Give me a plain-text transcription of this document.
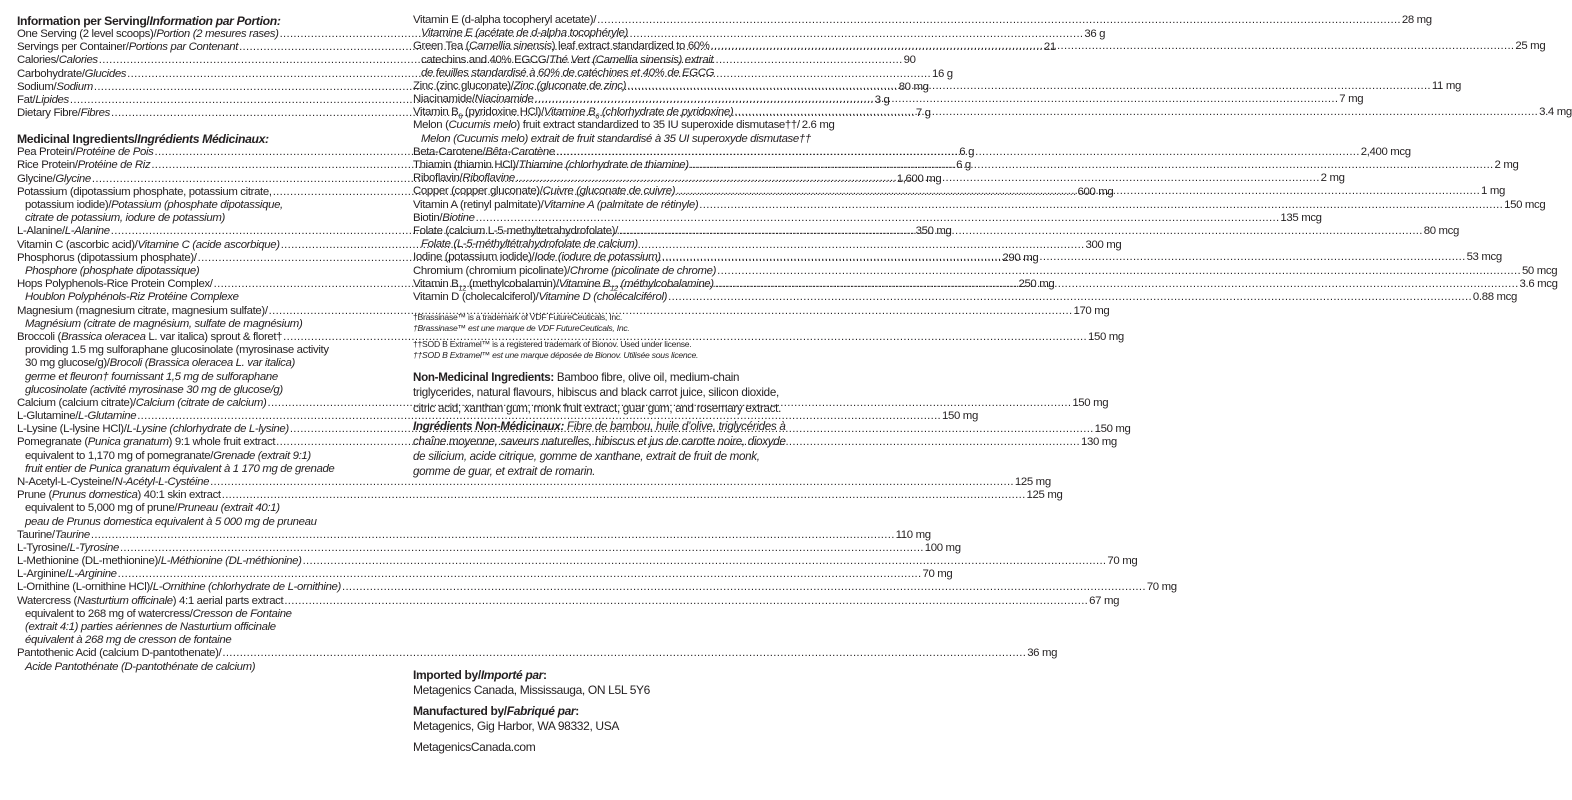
Information per Serving/Information par Portion:

One Serving (2 level scoops)/Portion (2 mesures rases) .....	36 g
Servings per Container/Portions par Contenant .....	21
Calories/Calories .....	90
Carbohydrate/Glucides .....	16 g
Sodium/Sodium .....	80 mg
Fat/Lipides .....	3 g
Dietary Fibre/Fibres .....	7 g

Medicinal Ingredients/Ingrédients Médicinaux:

Pea Protein/Protéine de Pois .....	6 g
Rice Protein/Protéine de Riz .....	6 g
Glycine/Glycine .....	1,600 mg
Potassium (dipotassium phosphate, potassium citrate, .....	600 mg
potassium iodide)/Potassium (phosphate dipotassique,
citrate de potassium, iodure de potassium)
L-Alanine/L-Alanine .....	350 mg
Vitamin C (ascorbic acid)/Vitamine C (acide ascorbique) .....	300 mg
Phosphorus (dipotassium phosphate)/ .....	290 mg
Phosphore (phosphate dipotassique)
Hops Polyphenols-Rice Protein Complex/ .....	250 mg
Houblon Polyphénols-Riz Protéine Complexe
Magnesium (magnesium citrate, magnesium sulfate)/ .....	170 mg
Magnésium (citrate de magnésium, sulfate de magnésium)
Broccoli (Brassica oleracea L. var italica) sprout & floret† .....	150 mg
providing 1.5 mg sulforaphane glucosinolate (myrosinase activity
30 mg glucose/g)/Brocoli (Brassica oleracea L. var italica)
germe et fleuron† fournissant 1,5 mg de sulforaphane
glucosinolate (activité myrosinase 30 mg de glucose/g)
Calcium (calcium citrate)/Calcium (citrate de calcium) .....	150 mg
L-Glutamine/L-Glutamine .....	150 mg
L-Lysine (L-lysine HCl)/L-Lysine (chlorhydrate de L-lysine) .....	150 mg
Pomegranate (Punica granatum) 9:1 whole fruit extract .....	130 mg
equivalent to 1,170 mg of pomegranate/Grenade (extrait 9:1)
fruit entier de Punica granatum équivalent à 1 170 mg de grenade
N-Acetyl-L-Cysteine/N-Acétyl-L-Cystéine .....	125 mg
Prune (Prunus domestica) 40:1 skin extract .....	125 mg
equivalent to 5,000 mg of prune/Pruneau (extrait 40:1)
peau de Prunus domestica equivalent à 5 000 mg de pruneau
Taurine/Taurine .....	110 mg
L-Tyrosine/L-Tyrosine .....	100 mg
L-Methionine (DL-methionine)/L-Méthionine (DL-méthionine) .....	70 mg
L-Arginine/L-Arginine .....	70 mg
L-Ornithine (L-ornithine HCl)/L-Ornithine (chlorhydrate de L-ornithine) .....	70 mg
Watercress (Nasturtium officinale) 4:1 aerial parts extract .....	67 mg
equivalent to 268 mg of watercress/Cresson de Fontaine
(extrait 4:1) parties aériennes de Nasturtium officinale
équivalent à 268 mg de cresson de fontaine
Pantothenic Acid (calcium D-pantothenate)/ .....	36 mg
Acide Pantothénate (D-pantothénate de calcium)
Vitamin E (d-alpha tocopheryl acetate)/ .....	28 mg
Vitamine E (acétate de d-alpha tocophéryle)
Green Tea (Camellia sinensis) leaf extract standardized to 60% .....	25 mg
catechins and 40% EGCG/Thé Vert (Camellia sinensis) extrait
de feuilles standardisé à 60% de catéchines et 40% de EGCG
Zinc (zinc gluconate)/Zinc (gluconate de zinc) .....	11 mg
Niacinamide/Niacinamide .....	7 mg
Vitamin $B_6$ (pyridoxine HCl)/Vitamine $B_6$ (chlorhydrate de pyridoxine) .....	3.4 mg
Melon (Cucumis melo) fruit extract standardized to 35 IU superoxide dismutase††/ 2.6 mg
Melon (Cucumis melo) extrait de fruit standardisé à 35 UI superoxyde dismutase††
Beta-Carotene/Bêta-Carotène .....	2,400 mcg
Thiamin (thiamin HCl)/Thiamine (chlorhydrate de thiamine) .....	2 mg
Riboflavin/Riboflavine .....	2 mg
Copper (copper gluconate)/Cuivre (gluconate de cuivre) .....	1 mg
Vitamin A (retinyl palmitate)/Vitamine A (palmitate de rétinyle) .....	150 mcg
Biotin/Biotine .....	135 mcg
Folate (calcium L-5-methyltetrahydrofolate)/ .....	80 mcg
Folate (L-5-méthyltétrahydrofolate de calcium)
Iodine (potassium iodide)/Iode (iodure de potassium) .....	53 mcg
Chromium (chromium picolinate)/Chrome (picolinate de chrome) .....	50 mcg
Vitamin $B_{12}$ (methylcobalamin)/Vitamine $B_{12}$ (méthylcobalamine) .....	3.6 mcg
Vitamin D (cholecalciferol)/Vitamine D (cholécalciférol) .....	0.88 mcg
†Brassinase™ is a trademark of VDF FutureCeuticals, Inc.
†Brassinase™ est une marque de VDF FutureCeuticals, Inc.
††SOD B Extramel™ is a registered trademark of Bionov. Used under license.
††SOD B Extramel™ est une marque déposée de Bionov. Utilisée sous licence.

Non-Medicinal Ingredients: Bamboo fibre, olive oil, medium-chain triglycerides, natural flavours, hibiscus and black carrot juice, silicon dioxide, citric acid, xanthan gum, monk fruit extract, guar gum, and rosemary extract.

Ingrédients Non-Médicinaux: Fibre de bambou, huile d’olive, triglycérides à chaîne moyenne, saveurs naturelles, hibiscus et jus de carotte noire, dioxyde de silicium, acide citrique, gomme de xanthane, extrait de fruit de monk, gomme de guar, et extrait de romarin.

Imported by/Importé par:
Metagenics Canada, Mississauga, ON L5L 5Y6
Manufactured by/Fabriqué par:
Metagenics, Gig Harbor, WA 98332, USA
MetagenicsCanada.com
